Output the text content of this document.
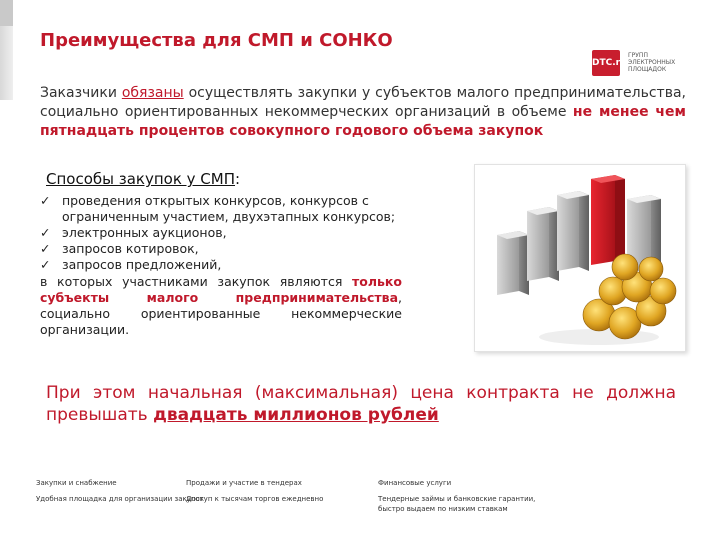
Преимущества для СМП и СОНКО
DTC.ru
ГРУПП
ЭЛЕКТРОННЫХ
ПЛОЩАДОК
Заказчики обязаны осуществлять закупки у субъектов малого предпринимательства, социально ориентированных некоммерческих организаций в объеме не менее чем пятнадцать процентов совокупного годового объема закупок
Способы закупок у СМП:
✓ проведения открытых конкурсов, конкурсов с ограниченным участием, двухэтапных конкурсов;
✓ электронных аукционов,
✓ запросов котировок,
✓ запросов предложений,
в которых участниками закупок являются только субъекты малого предпринимательства, социально ориентированные некоммерческие организации.
При этом начальная (максимальная) цена контракта не должна превышать двадцать миллионов рублей
Закупки и снабжение
Удобная площадка для организации закупок
Продажи и участие в тендерах
Доступ к тысячам торгов ежедневно
Финансовые услуги
Тендерные займы и банковские гарантии, быстро выдаем по низким ставкам
